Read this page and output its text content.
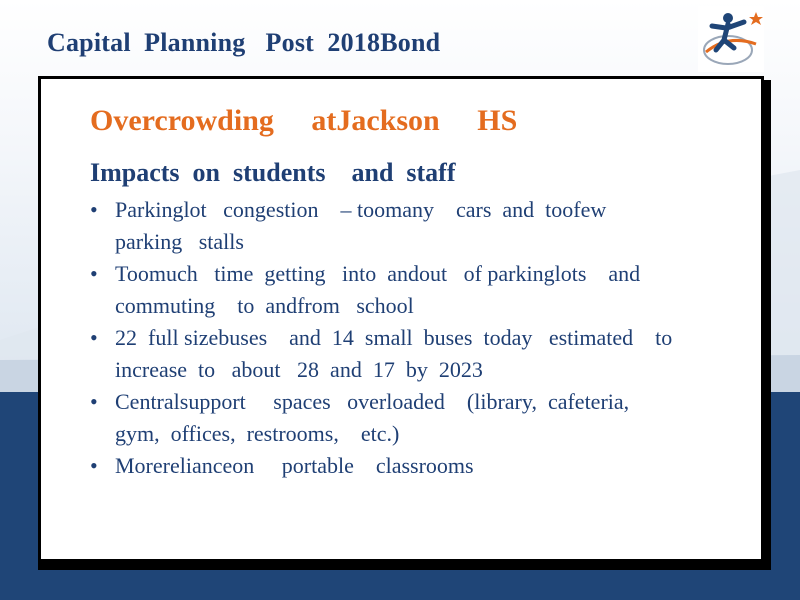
Capital  Planning   Post  2018Bond
Overcrowding     atJackson     HS
Impacts  on  students    and  staff
• Parkinglot   congestion    – toomany    cars  and  toofew
parking   stalls
• Toomuch   time  getting   into  andout   of parkinglots    and
commuting    to  andfrom   school
• 22  full sizebuses    and  14  small  buses  today   estimated    to
increase  to   about   28  and  17  by  2023
• Centralsupport     spaces   overloaded    (library,  cafeteria,
gym,  offices,  restrooms,    etc.)
• Morerelianceon     portable    classrooms
